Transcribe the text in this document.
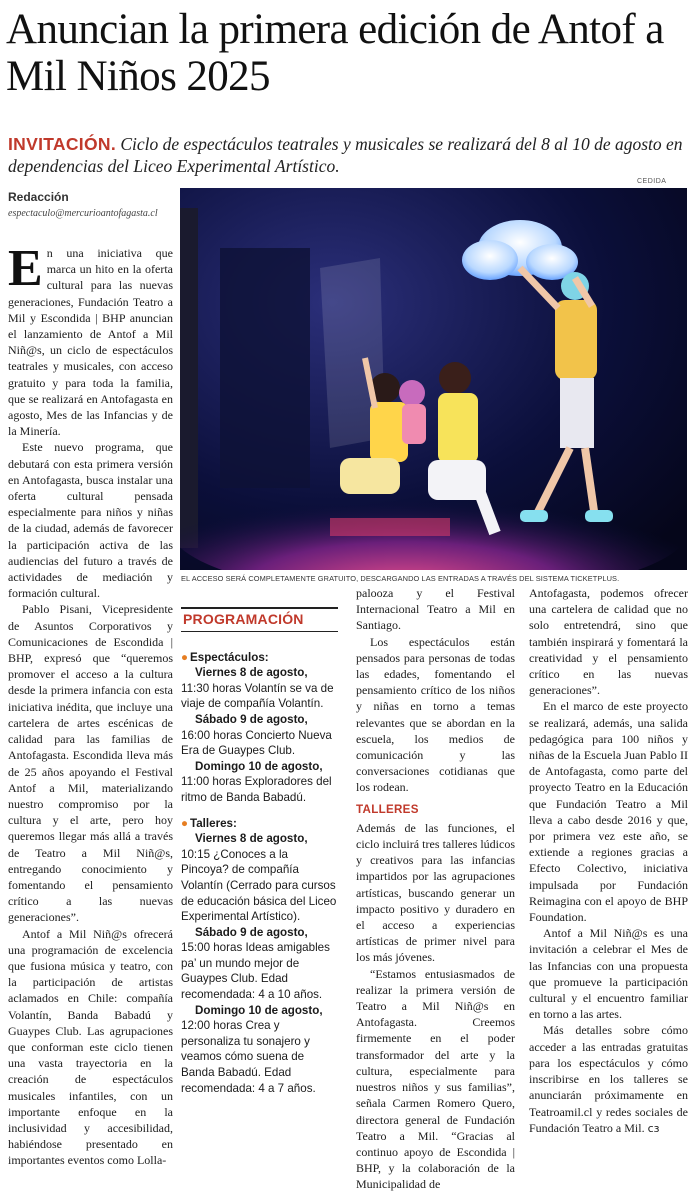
Anuncian la primera edición de Antof a Mil Niños 2025

INVITACIÓN. Ciclo de espectáculos teatrales y musicales se realizará del 8 al 10 de agosto en dependencias del Liceo Experimental Artístico.

Redacción
espectaculo@mercurioantofagasta.cl
CEDIDA
EL ACCESO SERÁ COMPLETAMENTE GRATUITO, DESCARGANDO LAS ENTRADAS A TRAVÉS DEL SISTEMA TICKETPLUS.
E n una iniciativa que marca un hito en la oferta cultural para las nuevas generaciones, Fundación Teatro a Mil y Escondida | BHP anuncian el lanzamiento de Antof a Mil Niñ@s, un ciclo de espectáculos teatrales y musicales, con acceso gratuito y para toda la familia, que se realizará en Antofagasta en agosto, Mes de las Infancias y de la Minería.

Este nuevo programa, que debutará con esta primera versión en Antofagasta, busca instalar una oferta cultural pensada especialmente para niños y niñas de la ciudad, además de favorecer la participación activa de las audiencias del futuro a través de actividades de mediación y formación cultural.

Pablo Pisani, Vicepresidente de Asuntos Corporativos y Comunicaciones de Escondida | BHP, expresó que “queremos promover el acceso a la cultura desde la primera infancia con esta iniciativa inédita, que incluye una cartelera de artes escénicas de calidad para las familias de Antofagasta. Escondida lleva más de 25 años apoyando el Festival Antof a Mil, materializando nuestro compromiso por la cultura y el arte, pero hoy queremos llegar más allá a través de Teatro a Mil Niñ@s, entregando conocimiento y fomentando el pensamiento crítico a las nuevas generaciones”.

Antof a Mil Niñ@s ofrecerá una programación de excelencia que fusiona música y teatro, con la participación de artistas aclamados en Chile: compañía Volantín, Banda Babadú y Guaypes Club. Las agrupaciones que conforman este ciclo tienen una vasta trayectoria en la creación de espectáculos musicales infantiles, con un importante enfoque en la inclusividad y accesibilidad, habiéndose presentado en importantes eventos como Lolla-

PROGRAMACIÓN
● Espectáculos:

Viernes 8 de agosto, 11:30 horas Volantín se va de viaje de compañía Volantín.

Sábado 9 de agosto, 16:00 horas Concierto Nueva Era de Guaypes Club.

Domingo 10 de agosto, 11:00 horas Exploradores del ritmo de Banda Babadú.

● Talleres:

Viernes 8 de agosto, 10:15 ¿Conoces a la Pincoya? de compañía Volantín (Cerrado para cursos de educación básica del Liceo Experimental Artístico).

Sábado 9 de agosto, 15:00 horas Ideas amigables pa’ un mundo mejor de Guaypes Club. Edad recomendada: 4 a 10 años.

Domingo 10 de agosto, 12:00 horas Crea y personaliza tu sonajero y veamos cómo suena de Banda Babadú. Edad recomendada: 4 a 7 años.

palooza y el Festival Internacional Teatro a Mil en Santiago.

Los espectáculos están pensados para personas de todas las edades, fomentando el pensamiento crítico de los niños y niñas en torno a temas relevantes que se abordan en la escuela, los medios de comunicación y las conversaciones cotidianas que los rodean.

TALLERES

Además de las funciones, el ciclo incluirá tres talleres lúdicos y creativos para las infancias impartidos por las agrupaciones artísticas, buscando generar un impacto positivo y duradero en el acceso a experiencias artísticas de primer nivel para los más jóvenes.

“Estamos entusiasmados de realizar la primera versión de Teatro a Mil Niñ@s en Antofagasta. Creemos firmemente en el poder transformador del arte y la cultura, especialmente para nuestros niños y sus familias”, señala Carmen Romero Quero, directora general de Fundación Teatro a Mil. “Gracias al continuo apoyo de Escondida | BHP, y la colaboración de la Municipalidad de

Antofagasta, podemos ofrecer una cartelera de calidad que no solo entretendrá, sino que también inspirará y fomentará la creatividad y el pensamiento crítico en las nuevas generaciones”.

En el marco de este proyecto se realizará, además, una salida pedagógica para 100 niños y niñas de la Escuela Juan Pablo II de Antofagasta, como parte del proyecto Teatro en la Educación que Fundación Teatro a Mil lleva a cabo desde 2016 y que, por primera vez este año, se extiende a regiones gracias a Efecto Colectivo, iniciativa impulsada por Fundación Reimagina con el apoyo de BHP Foundation.

Antof a Mil Niñ@s es una invitación a celebrar el Mes de las Infancias con una propuesta que promueve la participación cultural y el encuentro familiar en torno a las artes.

Más detalles sobre cómo acceder a las entradas gratuitas para los espectáculos y cómo inscribirse en los talleres se anunciarán próximamente en Teatroamil.cl y redes sociales de Fundación Teatro a Mil. ᴄɜ
